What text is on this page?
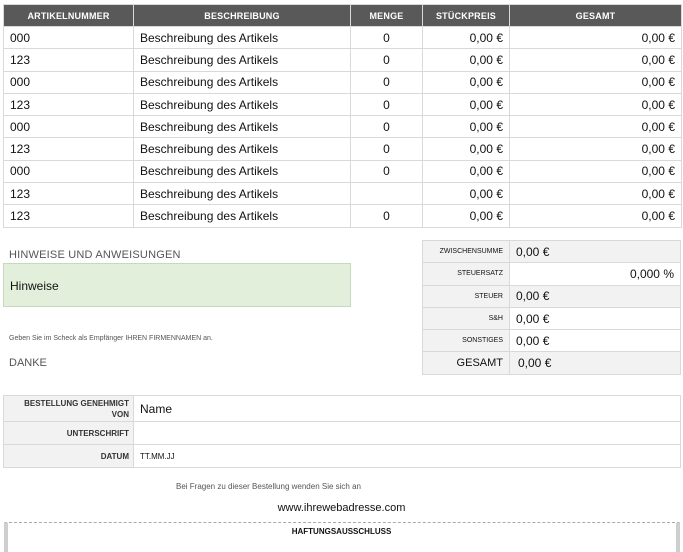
ARTIKELNUMMER	BESCHREIBUNG	MENGE	STÜCKPREIS	GESAMT
000	Beschreibung des Artikels	0	0,00 €	0,00 €
123	Beschreibung des Artikels	0	0,00 €	0,00 €
000	Beschreibung des Artikels	0	0,00 €	0,00 €
123	Beschreibung des Artikels	0	0,00 €	0,00 €
000	Beschreibung des Artikels	0	0,00 €	0,00 €
123	Beschreibung des Artikels	0	0,00 €	0,00 €
000	Beschreibung des Artikels	0	0,00 €	0,00 €
123	Beschreibung des Artikels		0,00 €	0,00 €
123	Beschreibung des Artikels	0	0,00 €	0,00 €
HINWEISE UND ANWEISUNGEN
Hinweise
Geben Sie im Scheck als Empfänger IHREN FIRMENNAMEN an.
DANKE
ZWISCHENSUMME	0,00 €
STEUERSATZ	0,000 %
STEUER	0,00 €
S&H	0,00 €
SONSTIGES	0,00 €
GESAMT	0,00 €
BESTELLUNG GENEHMIGT VON	Name
UNTERSCHRIFT	
DATUM	TT.MM.JJ
Bei Fragen zu dieser Bestellung wenden Sie sich an
www.ihrewebadresse.com
HAFTUNGSAUSSCHLUSS
